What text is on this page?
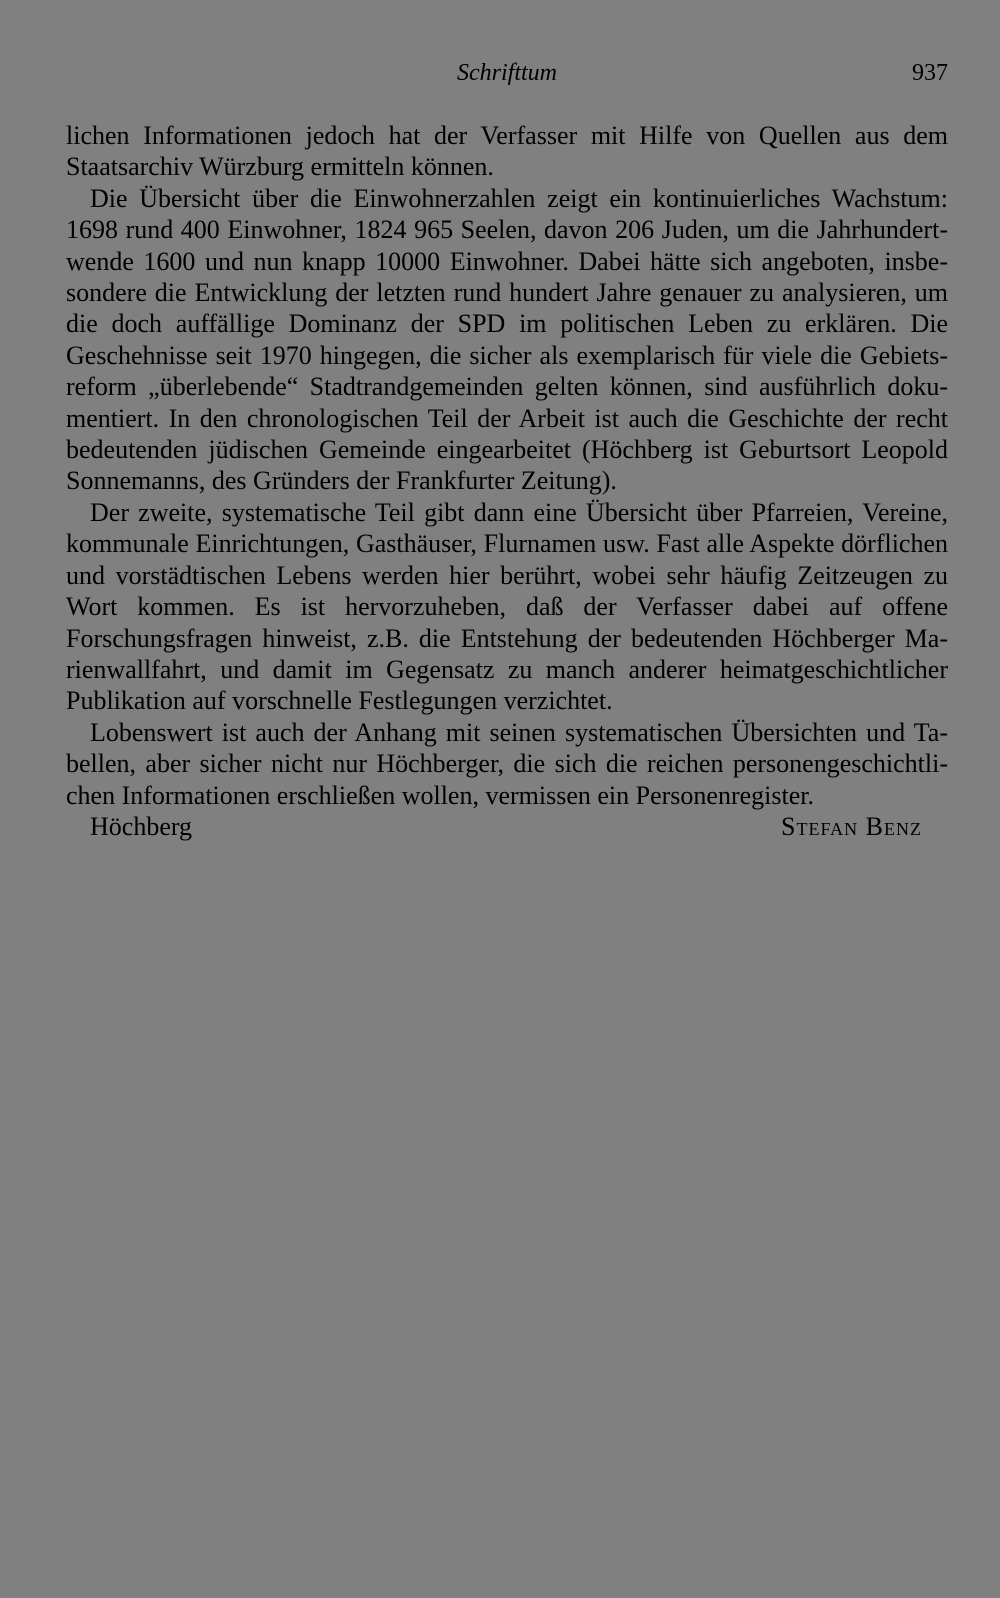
Schrifttum	937

lichen Informationen jedoch hat der Verfasser mit Hilfe von Quellen aus dem Staatsarchiv Würzburg ermitteln können.

Die Übersicht über die Einwohnerzahlen zeigt ein kontinuierliches Wachstum: 1698 rund 400 Einwohner, 1824 965 Seelen, davon 206 Juden, um die Jahrhundertwende 1600 und nun knapp 10000 Einwohner. Dabei hätte sich angeboten, insbesondere die Entwicklung der letzten rund hundert Jahre genauer zu analysieren, um die doch auffällige Dominanz der SPD im politischen Leben zu erklären. Die Geschehnisse seit 1970 hingegen, die sicher als exemplarisch für viele die Gebietsreform „überlebende“ Stadtrandgemeinden gelten können, sind ausführlich dokumentiert. In den chronologischen Teil der Arbeit ist auch die Geschichte der recht bedeutenden jüdischen Gemeinde eingearbeitet (Höchberg ist Geburtsort Leopold Sonnemanns, des Gründers der Frankfurter Zeitung).

Der zweite, systematische Teil gibt dann eine Übersicht über Pfarreien, Vereine, kommunale Einrichtungen, Gasthäuser, Flurnamen usw. Fast alle Aspekte dörflichen und vorstädtischen Lebens werden hier berührt, wobei sehr häufig Zeitzeugen zu Wort kommen. Es ist hervorzuheben, daß der Verfasser dabei auf offene Forschungsfragen hinweist, z.B. die Entstehung der bedeutenden Höchberger Marienwallfahrt, und damit im Gegensatz zu manch anderer heimatgeschichtlicher Publikation auf vorschnelle Festlegungen verzichtet.

Lobenswert ist auch der Anhang mit seinen systematischen Übersichten und Tabellen, aber sicher nicht nur Höchberger, die sich die reichen personengeschichtlichen Informationen erschließen wollen, vermissen ein Personenregister.

Höchberg	Stefan Benz
